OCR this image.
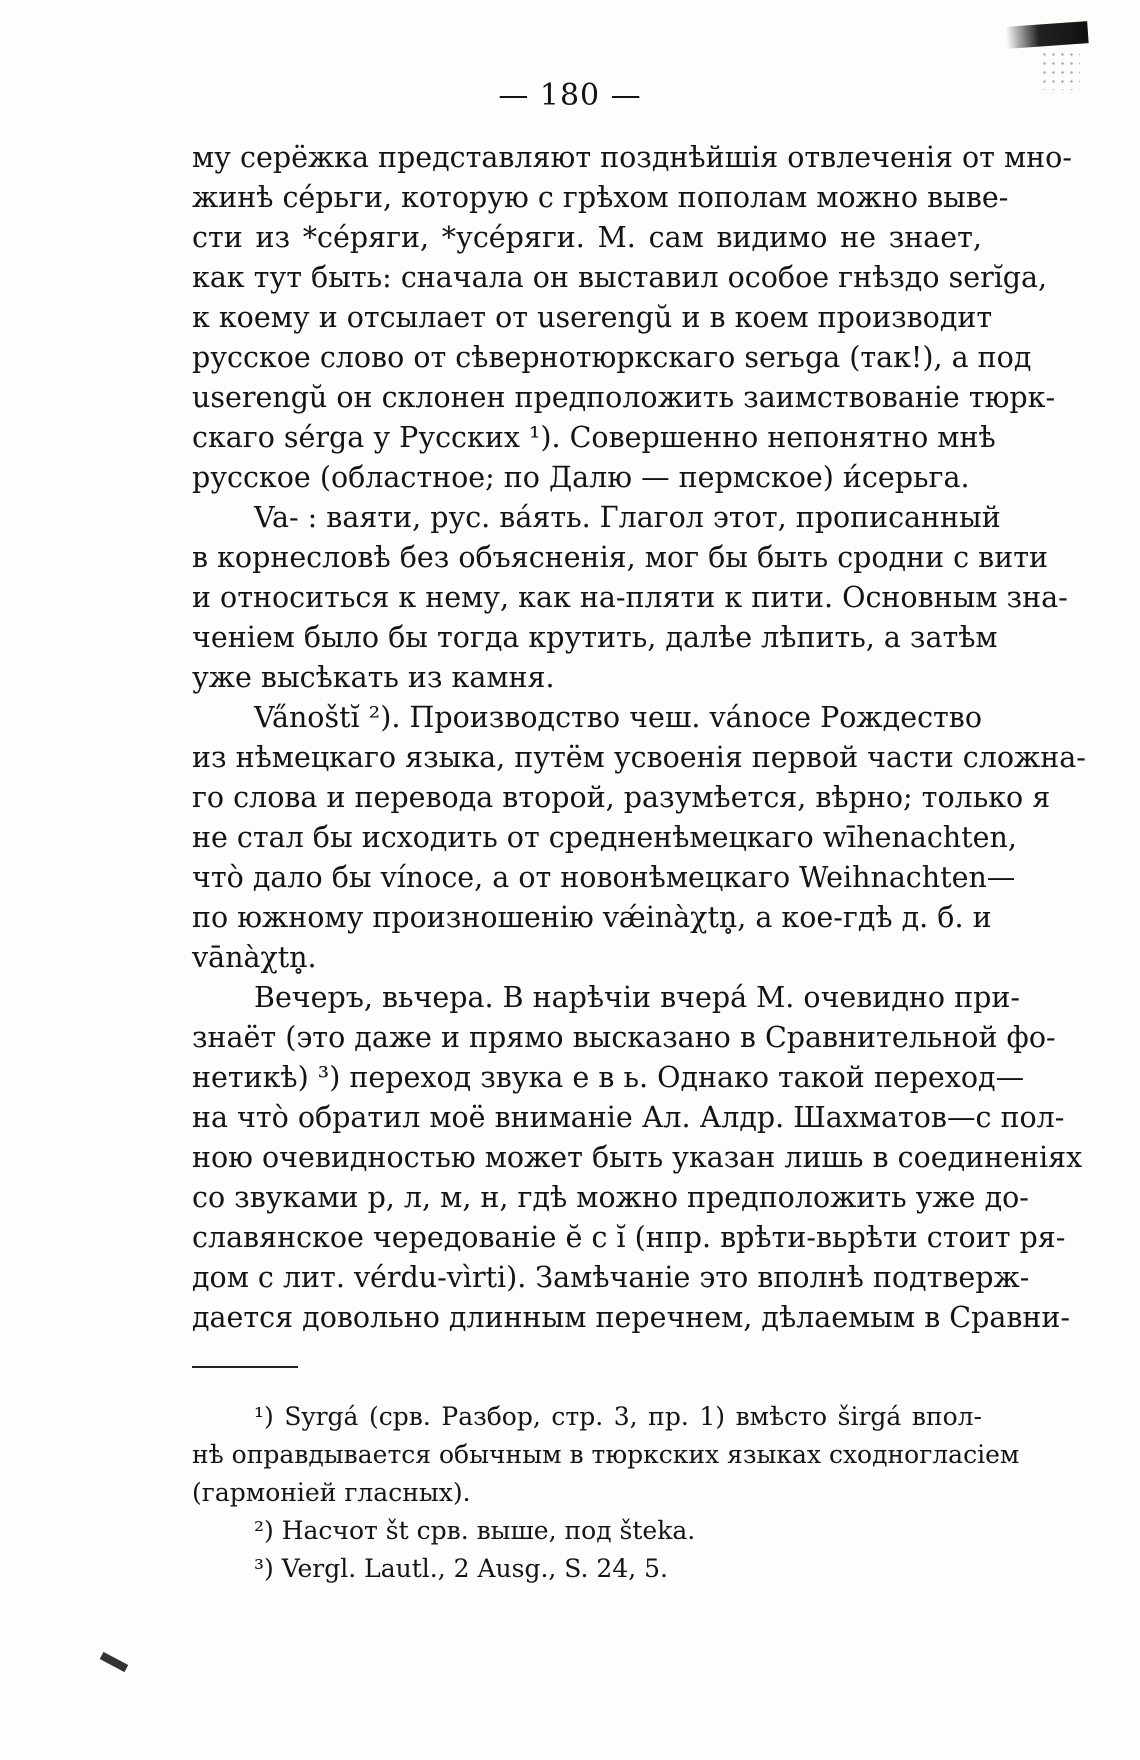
— 180 —
му серёжка представляют позднѣйшія отвлеченія от мно-
жинѣ се́рьги, которую с грѣхом пополам можно выве-
сти из *се́ряги, *усе́ряги. М. сам видимо не знает,
как тут быть: сначала он выставил особое гнѣздо serĭga,
к коему и отсылает от userengŭ и в коем производит
русское слово от сѣвернотюркскаго serьga (так!), а под
userengŭ он склонен предположить заимствованіе тюрк-
скаго sérga у Русских ¹). Совершенно непонятно мнѣ
русское (областное; по Далю — пермское) и́серьга.
Va- : ваяти, рус. ва́ять. Глагол этот, прописанный
в корнесловѣ без объясненія, мог бы быть сродни с вити
и относиться к нему, как на-пляти к пити. Основным зна-
ченіем было бы тогда крутить, далѣе лѣпить, а затѣм
уже высѣкать из камня.
Va̋noštĭ ²). Производство чеш. vánoce Рождество
из нѣмецкаго языка, путём усвоенія первой части сложна-
го слова и перевода второй, разумѣется, вѣрно; только я
не стал бы исходить от средненѣмецкаго wīhenachten,
что̀ дало бы vínoce, а от новонѣмецкаго Weihnachten—
по южному произношенію vǽinàχtn̥, а кое-гдѣ д. б. и
vānàχtn̥.
Вечеръ, вьчера. В нарѣчіи вчера́ М. очевидно при-
знаёт (это даже и прямо высказано в Сравнительной фо-
нетикѣ) ³) переход звука е в ь. Однако такой переход—
на что̀ обратил моё вниманіе Ал. Алдр. Шахматов—с пол-
ною очевидностью может быть указан лишь в соединеніях
со звуками р, л, м, н, гдѣ можно предположить уже до-
славянское чередованіе ĕ с ĭ (нпр. врѣти-вьрѣти стоит ря-
дом с лит. vérdu-vìrti). Замѣчаніе это вполнѣ подтверж-
дается довольно длинным перечнем, дѣлаемым в Сравни-
¹) Syrgá (срв. Разбор, стр. 3, пр. 1) вмѣсто širgá впол-
нѣ оправдывается обычным в тюркских языках сходногласіем
(гармоніей гласных).
²) Насчот št срв. выше, под šteka.
³) Vergl. Lautl., 2 Ausg., S. 24, 5.
